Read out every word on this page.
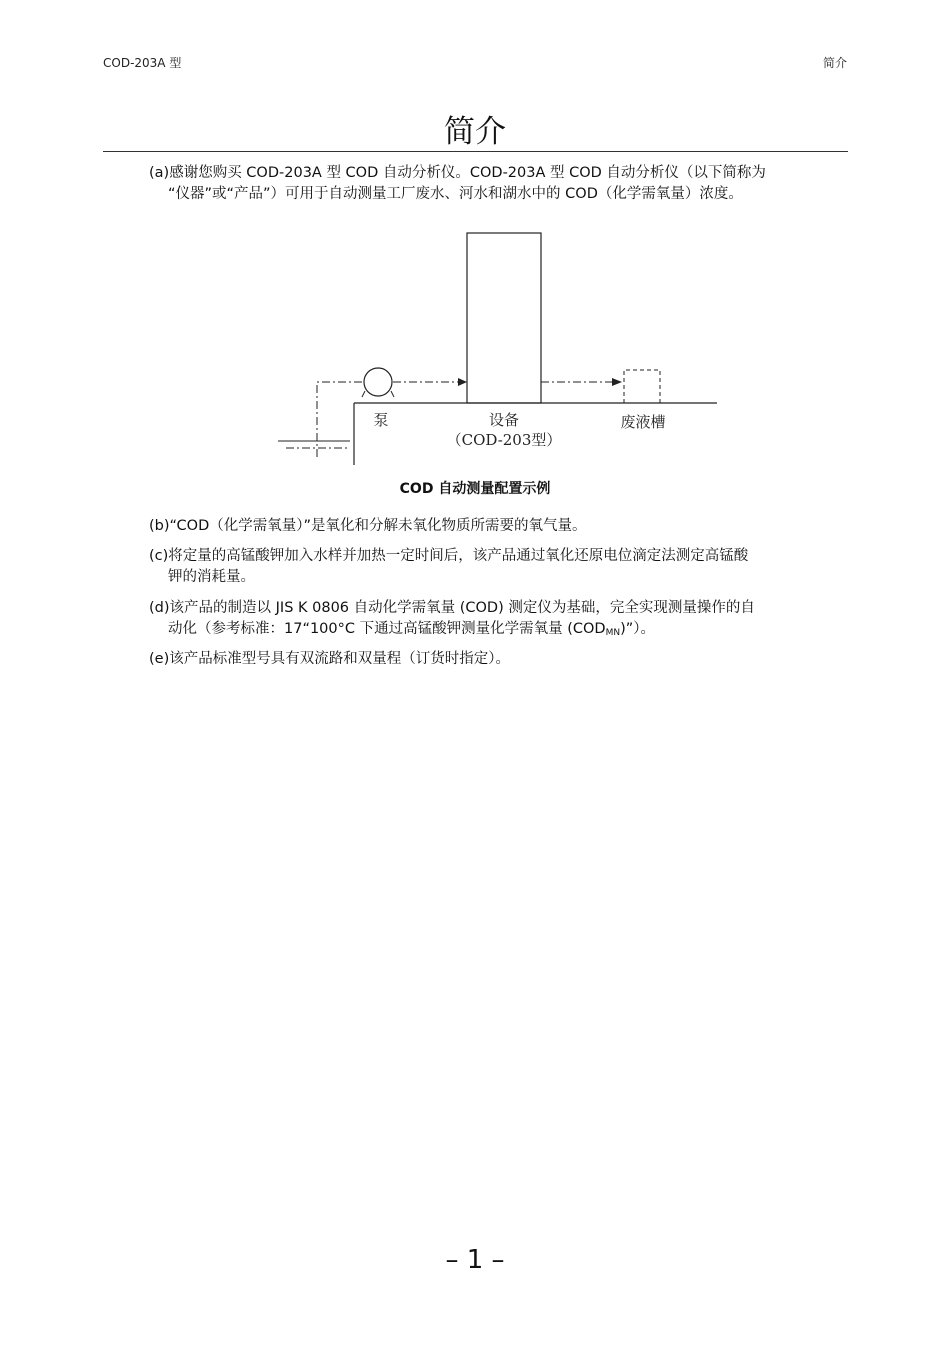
COD-203A 型	简介
简介
(a)感谢您购买 COD-203A 型 COD 自动分析仪。COD-203A 型 COD 自动分析仪（以下简称为
“仪器”或“产品”）可用于自动测量工厂废水、河水和湖水中的 COD（化学需氧量）浓度。
泵	设备
（COD-203型）
废液槽
COD 自动测量配置示例
(b)“COD（化学需氧量）”是氧化和分解未氧化物质所需要的氧气量。
(c)将定量的高锰酸钾加入水样并加热一定时间后，该产品通过氧化还原电位滴定法测定高锰酸
钾的消耗量。
(d)该产品的制造以 JIS K 0806 自动化学需氧量 (COD) 测定仪为基础，完全实现测量操作的自
动化（参考标准：17“100°C 下通过高锰酸钾测量化学需氧量 $(COD_{MN})$”）。
(e)该产品标准型号具有双流路和双量程（订货时指定）。
– 1 –
